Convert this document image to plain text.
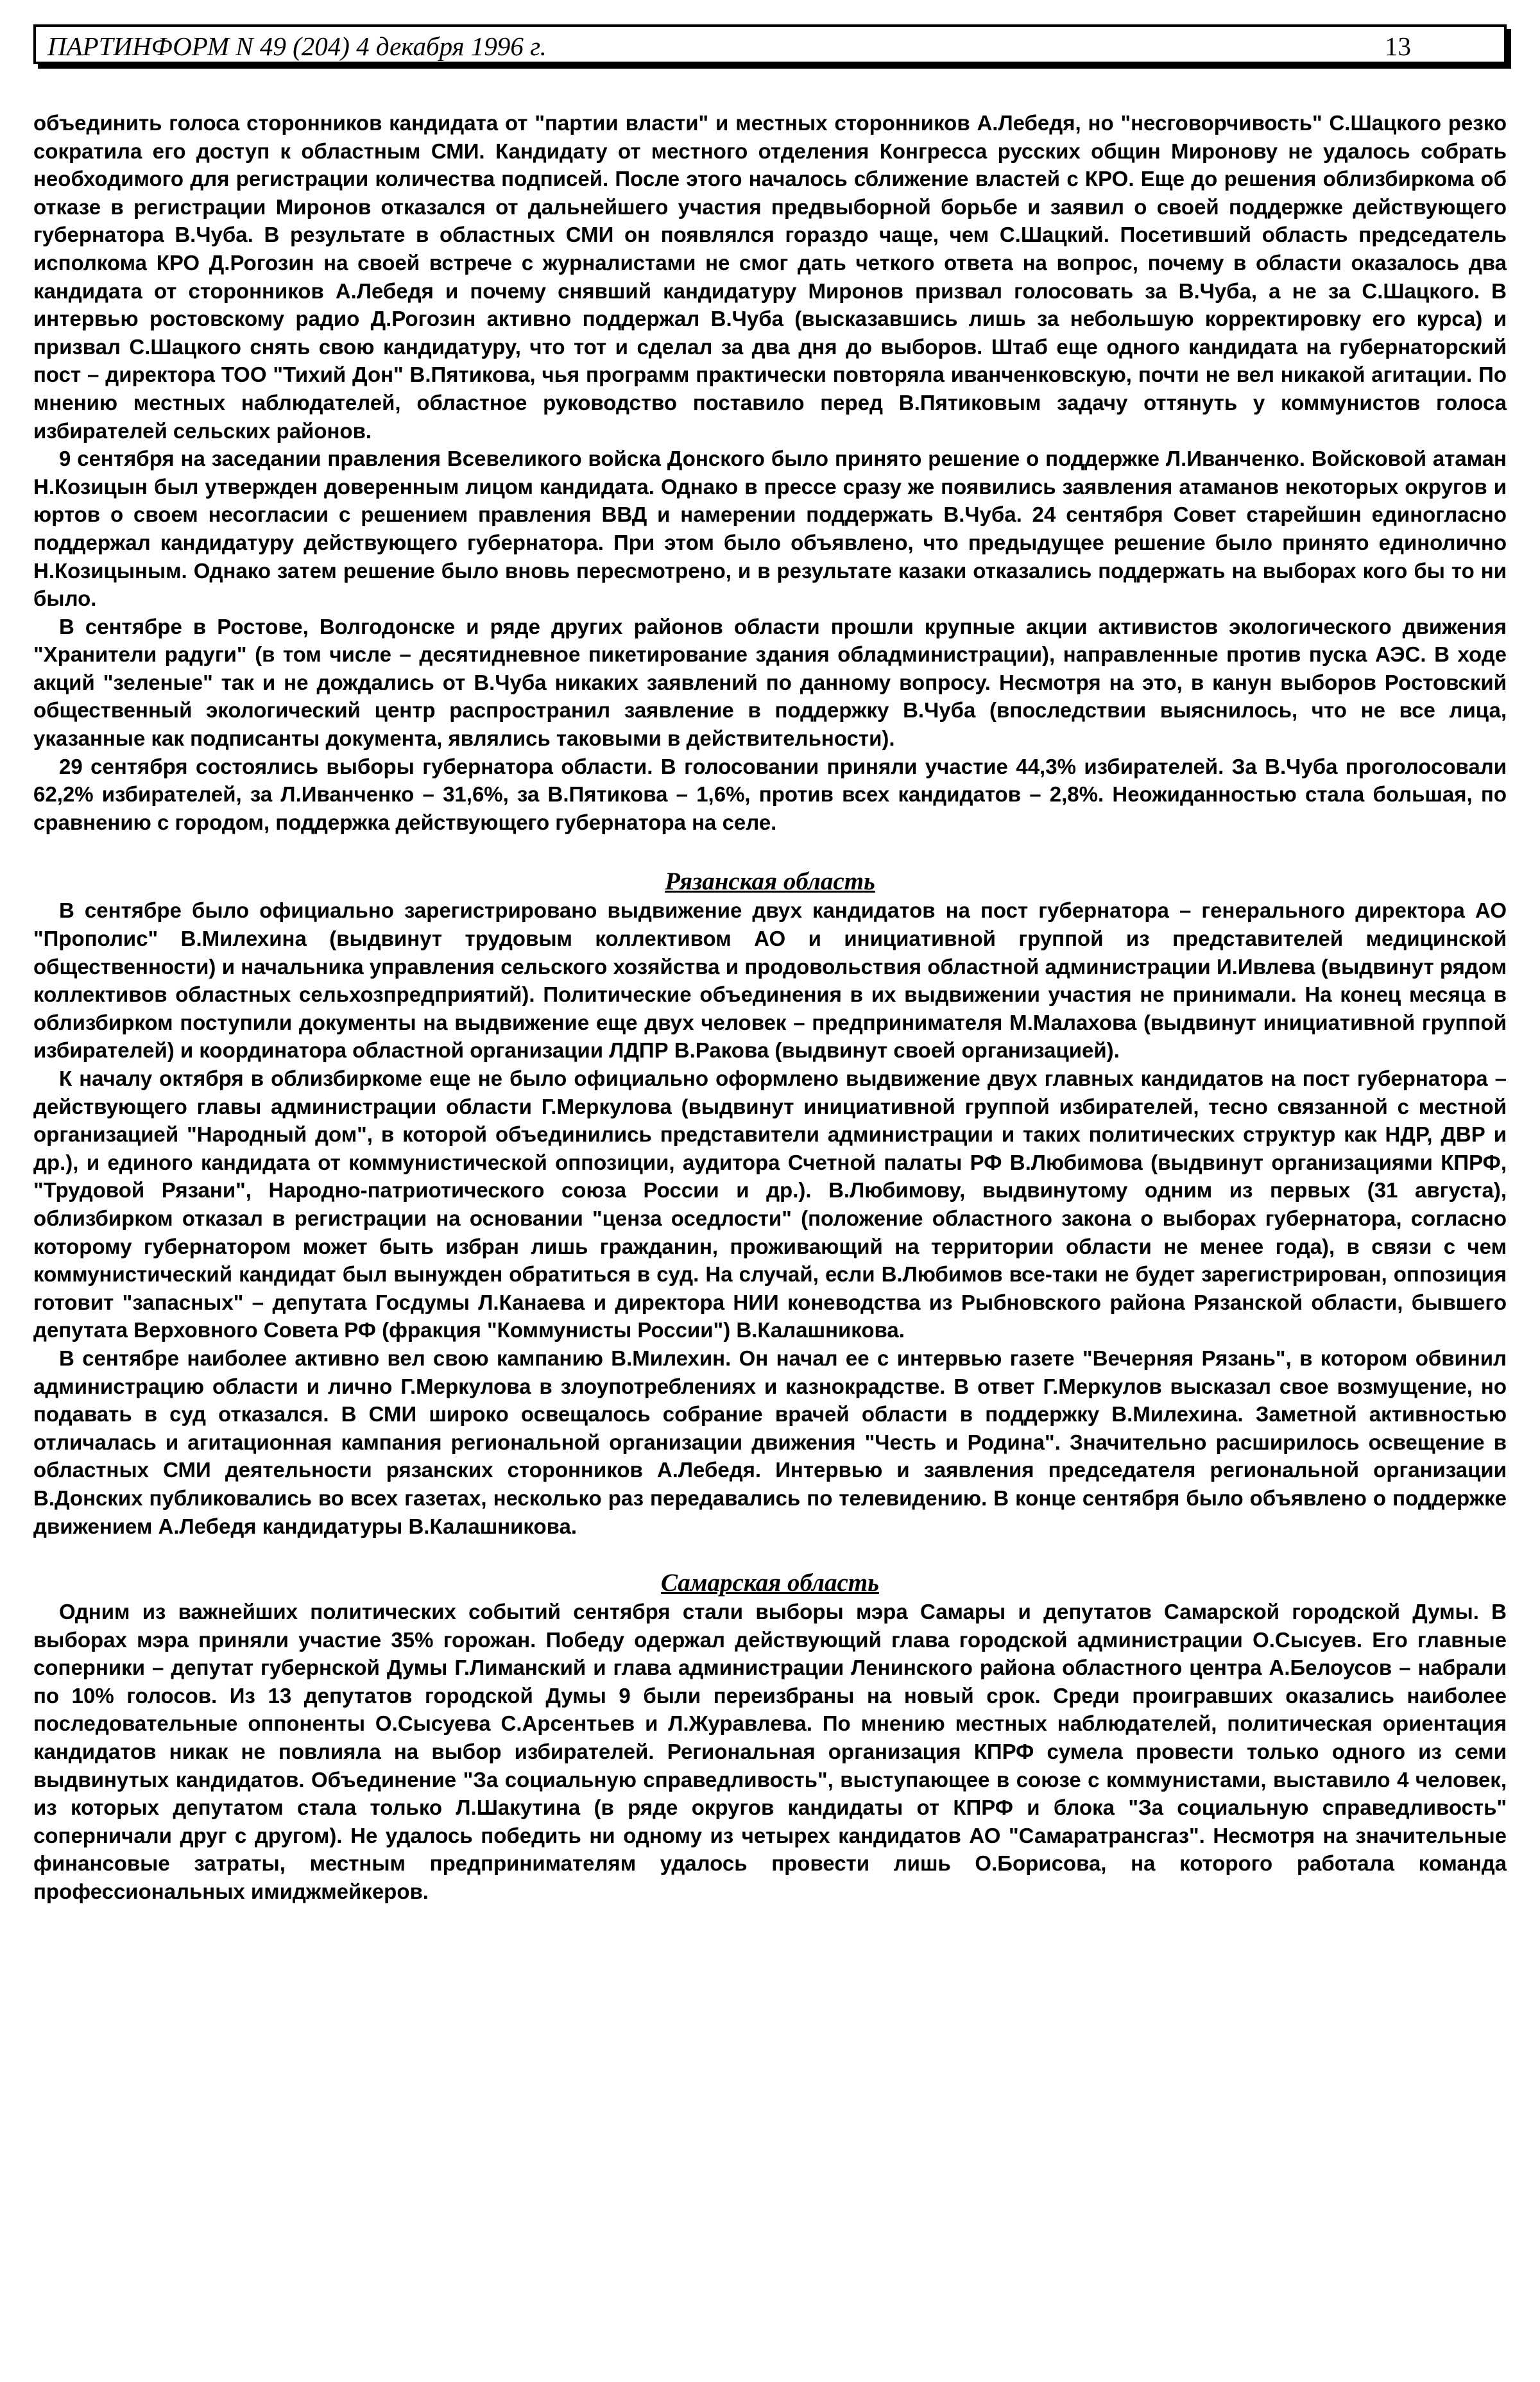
ПАРТИНФОРМ N 49 (204) 4 декабря 1996 г.	13

объединить голоса сторонников кандидата от "партии власти" и местных сторонников А.Лебедя, но "несговорчивость" С.Шацкого резко сократила его доступ к областным СМИ. Кандидату от местного отделения Конгресса русских общин Миронову не удалось собрать необходимого для регистрации количества подписей. После этого началось сближение властей с КРО. Еще до решения облизбиркома об отказе в регистрации Миронов отказался от дальнейшего участия предвыборной борьбе и заявил о своей поддержке действующего губернатора В.Чуба. В результате в областных СМИ он появлялся гораздо чаще, чем С.Шацкий. Посетивший область председатель исполкома КРО Д.Рогозин на своей встрече с журналистами не смог дать четкого ответа на вопрос, почему в области оказалось два кандидата от сторонников А.Лебедя и почему снявший кандидатуру Миронов призвал голосовать за В.Чуба, а не за С.Шацкого. В интервью ростовскому радио Д.Рогозин активно поддержал В.Чуба (высказавшись лишь за небольшую корректировку его курса) и призвал С.Шацкого снять свою кандидатуру, что тот и сделал за два дня до выборов. Штаб еще одного кандидата на губернаторский пост – директора ТОО "Тихий Дон" В.Пятикова, чья программ практически повторяла иванченковскую, почти не вел никакой агитации. По мнению местных наблюдателей, областное руководство поставило перед В.Пятиковым задачу оттянуть у коммунистов голоса избирателей сельских районов.

9 сентября на заседании правления Всевеликого войска Донского было принято решение о поддержке Л.Иванченко. Войсковой атаман Н.Козицын был утвержден доверенным лицом кандидата. Однако в прессе сразу же появились заявления атаманов некоторых округов и юртов о своем несогласии с решением правления ВВД и намерении поддержать В.Чуба. 24 сентября Совет старейшин единогласно поддержал кандидатуру действующего губернатора. При этом было объявлено, что предыдущее решение было принято единолично Н.Козицыным. Однако затем решение было вновь пересмотрено, и в результате казаки отказались поддержать на выборах кого бы то ни было.

В сентябре в Ростове, Волгодонске и ряде других районов области прошли крупные акции активистов экологического движения "Хранители радуги" (в том числе – десятидневное пикетирование здания обладминистрации), направленные против пуска АЭС. В ходе акций "зеленые" так и не дождались от В.Чуба никаких заявлений по данному вопросу. Несмотря на это, в канун выборов Ростовский общественный экологический центр распространил заявление в поддержку В.Чуба (впоследствии выяснилось, что не все лица, указанные как подписанты документа, являлись таковыми в действительности).

29 сентября состоялись выборы губернатора области. В голосовании приняли участие 44,3% избирателей. За В.Чуба проголосовали 62,2% избирателей, за Л.Иванченко – 31,6%, за В.Пятикова – 1,6%, против всех кандидатов – 2,8%. Неожиданностью стала большая, по сравнению с городом, поддержка действующего губернатора на селе.

Рязанская область

В сентябре было официально зарегистрировано выдвижение двух кандидатов на пост губернатора – генерального директора АО "Прополис" В.Милехина (выдвинут трудовым коллективом АО и инициативной группой из представителей медицинской общественности) и начальника управления сельского хозяйства и продовольствия областной администрации И.Ивлева (выдвинут рядом коллективов областных сельхозпредприятий). Политические объединения в их выдвижении участия не принимали. На конец месяца в облизбирком поступили документы на выдвижение еще двух человек – предпринимателя М.Малахова (выдвинут инициативной группой избирателей) и координатора областной организации ЛДПР В.Ракова (выдвинут своей организацией).

К началу октября в облизбиркоме еще не было официально оформлено выдвижение двух главных кандидатов на пост губернатора – действующего главы администрации области Г.Меркулова (выдвинут инициативной группой избирателей, тесно связанной с местной организацией "Народный дом", в которой объединились представители администрации и таких политических структур как НДР, ДВР и др.), и единого кандидата от коммунистической оппозиции, аудитора Счетной палаты РФ В.Любимова (выдвинут организациями КПРФ, "Трудовой Рязани", Народно-патриотического союза России и др.). В.Любимову, выдвинутому одним из первых (31 августа), облизбирком отказал в регистрации на основании "ценза оседлости" (положение областного закона о выборах губернатора, согласно которому губернатором может быть избран лишь гражданин, проживающий на территории области не менее года), в связи с чем коммунистический кандидат был вынужден обратиться в суд. На случай, если В.Любимов все-таки не будет зарегистрирован, оппозиция готовит "запасных" – депутата Госдумы Л.Канаева и директора НИИ коневодства из Рыбновского района Рязанской области, бывшего депутата Верховного Совета РФ (фракция "Коммунисты России") В.Калашникова.

В сентябре наиболее активно вел свою кампанию В.Милехин. Он начал ее с интервью газете "Вечерняя Рязань", в котором обвинил администрацию области и лично Г.Меркулова в злоупотреблениях и казнокрадстве. В ответ Г.Меркулов высказал свое возмущение, но подавать в суд отказался. В СМИ широко освещалось собрание врачей области в поддержку В.Милехина. Заметной активностью отличалась и агитационная кампания региональной организации движения "Честь и Родина". Значительно расширилось освещение в областных СМИ деятельности рязанских сторонников А.Лебедя. Интервью и заявления председателя региональной организации В.Донских публиковались во всех газетах, несколько раз передавались по телевидению. В конце сентября было объявлено о поддержке движением А.Лебедя кандидатуры В.Калашникова.

Самарская область

Одним из важнейших политических событий сентября стали выборы мэра Самары и депутатов Самарской городской Думы. В выборах мэра приняли участие 35% горожан. Победу одержал действующий глава городской администрации О.Сысуев. Его главные соперники – депутат губернской Думы Г.Лиманский и глава администрации Ленинского района областного центра А.Белоусов – набрали по 10% голосов. Из 13 депутатов городской Думы 9 были переизбраны на новый срок. Среди проигравших оказались наиболее последовательные оппоненты О.Сысуева С.Арсентьев и Л.Журавлева. По мнению местных наблюдателей, политическая ориентация кандидатов никак не повлияла на выбор избирателей. Региональная организация КПРФ сумела провести только одного из семи выдвинутых кандидатов. Объединение "За социальную справедливость", выступающее в союзе с коммунистами, выставило 4 человек, из которых депутатом стала только Л.Шакутина (в ряде округов кандидаты от КПРФ и блока "За социальную справедливость" соперничали друг с другом). Не удалось победить ни одному из четырех кандидатов АО "Самаратрансгаз". Несмотря на значительные финансовые затраты, местным предпринимателям удалось провести лишь О.Борисова, на которого работала команда профессиональных имиджмейкеров.
